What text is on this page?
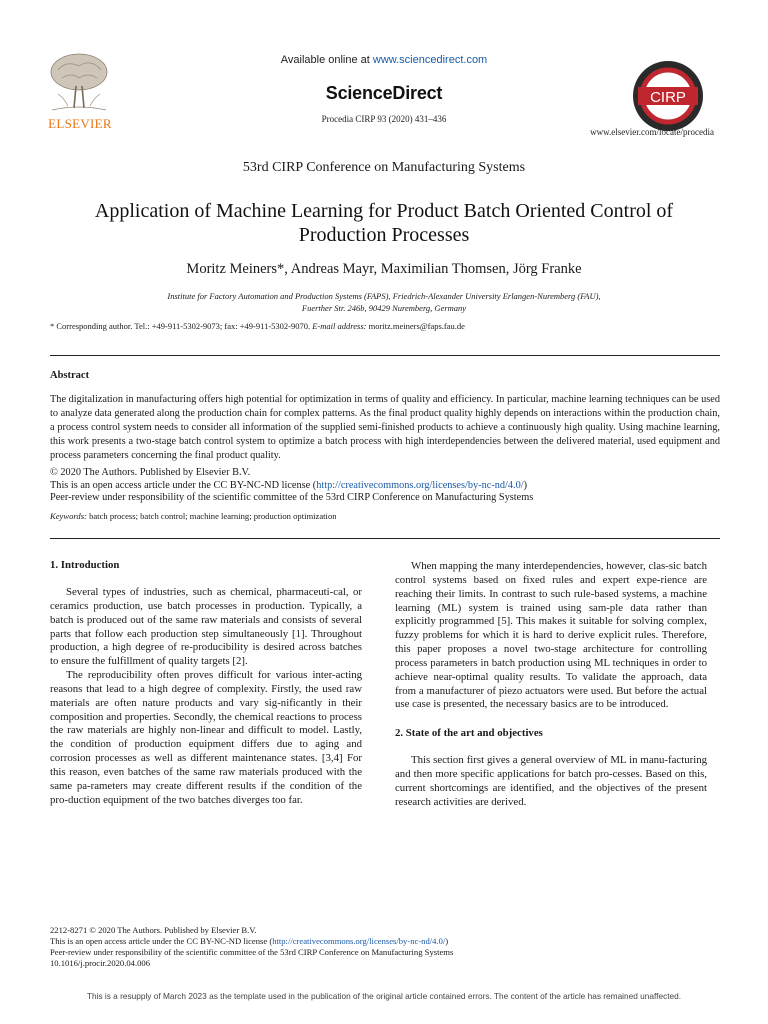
ELSEVIER
Available online at www.sciencedirect.com
ScienceDirect
Procedia CIRP 93 (2020) 431–436
CIRP
www.elsevier.com/locate/procedia
53rd CIRP Conference on Manufacturing Systems
Application of Machine Learning for Product Batch Oriented Control of Production Processes
Moritz Meiners*, Andreas Mayr, Maximilian Thomsen, Jörg Franke
Institute for Factory Automation and Production Systems (FAPS), Friedrich-Alexander University Erlangen-Nuremberg (FAU),
Fuerther Str. 246b, 90429 Nuremberg, Germany
* Corresponding author. Tel.: +49-911-5302-9073; fax: +49-911-5302-9070. E-mail address: moritz.meiners@faps.fau.de
Abstract

The digitalization in manufacturing offers high potential for optimization in terms of quality and efficiency. In particular, machine learning techniques can be used to analyze data generated along the production chain for complex patterns. As the final product quality highly depends on interactions within the production chain, a process control system needs to consider all information of the supplied semi-finished products to achieve a continuously high quality. Using machine learning, this work presents a two-stage batch control system to optimize a batch process with high interdependencies between the delivered material, used equipment and process parameters concerning the final product quality.

© 2020 The Authors. Published by Elsevier B.V.
This is an open access article under the CC BY-NC-ND license (http://creativecommons.org/licenses/by-nc-nd/4.0/)
Peer-review under responsibility of the scientific committee of the 53rd CIRP Conference on Manufacturing Systems
Keywords: batch process; batch control; machine learning; production optimization
1. Introduction

Several types of industries, such as chemical, pharmaceuti-cal, or ceramics production, use batch processes in production. Typically, a batch is produced out of the same raw materials and consists of several parts that follow each production step simultaneously [1]. Throughout production, a high degree of re-producibility is desired across batches to ensure the fulfillment of quality targets [2].

The reproducibility often proves difficult for various inter-acting reasons that lead to a high degree of complexity. Firstly, the used raw materials are often nature products and vary sig-nificantly in their composition and properties. Secondly, the chemical reactions to process the raw materials are highly non-linear and difficult to model. Lastly, the condition of production equipment differs due to aging and corrosion processes as well as different maintenance states. [3,4] For this reason, even batches of the same raw materials produced with the same pa-rameters may create different results if the condition of the pro-duction equipment of the two batches diverges too far.

When mapping the many interdependencies, however, clas-sic batch control systems based on fixed rules and expert expe-rience are reaching their limits. In contrast to such rule-based systems, a machine learning (ML) system is trained using sam-ple data rather than explicitly programmed [5]. This makes it suitable for solving complex, fuzzy problems for which it is hard to derive explicit rules. Therefore, this paper proposes a novel two-stage architecture for controlling process parameters in batch production using ML techniques in order to achieve near-optimal quality results. To validate the approach, data from a manufacturer of piezo actuators were used. But before the actual use case is presented, the necessary basics are to be introduced.

2. State of the art and objectives

This section first gives a general overview of ML in manu-facturing and then more specific applications for batch pro-cesses. Based on this, current shortcomings are identified, and the objectives of the present research activities are derived.

2212-8271 © 2020 The Authors. Published by Elsevier B.V.
This is an open access article under the CC BY-NC-ND license (http://creativecommons.org/licenses/by-nc-nd/4.0/)
Peer-review under responsibility of the scientific committee of the 53rd CIRP Conference on Manufacturing Systems
10.1016/j.procir.2020.04.006
This is a resupply of March 2023 as the template used in the publication of the original article contained errors. The content of the article has remained unaffected.
